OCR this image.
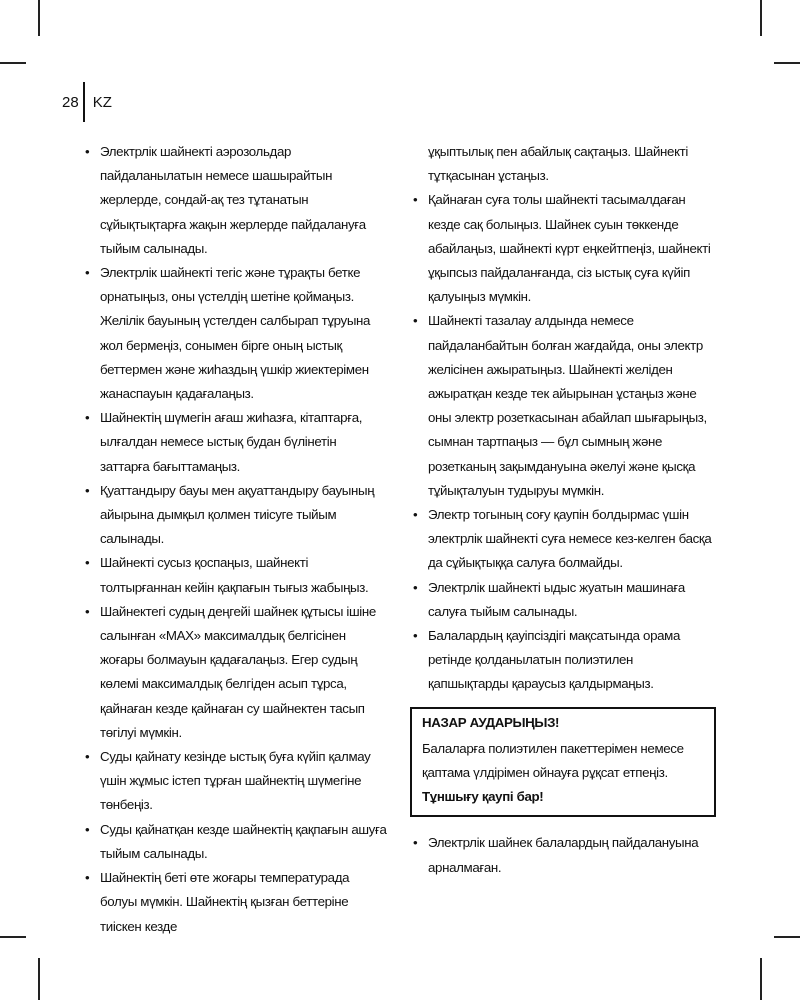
28 KZ

• Электрлік шайнекті аэрозольдар пайдаланылатын немесе шашырайтын жерлерде, сондай-ақ тез тұтанатын сұйықтықтарға жақын жерлерде пайдалануға тыйым салынады.

• Электрлік шайнекті тегіс және тұрақты бетке орнатыңыз, оны үстелдің шетіне қоймаңыз. Желілік бауының үстелден салбырап тұруына жол бермеңіз, сонымен бірге оның ыстық беттермен және жиһаздың үшкір жиектерімен жанаспауын қадағалаңыз.

• Шайнектің шүмегін ағаш жиһазға, кітаптарға, ылғалдан немесе ыстық будан бүлінетін заттарға бағыттамаңыз.

• Қуаттандыру бауы мен ақуаттандыру бауының айырына дымқыл қолмен тиісуге тыйым салынады.

• Шайнекті сусыз қоспаңыз, шайнекті толтырғаннан кейін қақпағын тығыз жабыңыз.

• Шайнектегі судың деңгейі шайнек құтысы ішіне салынған «MAX» максималдық белгісінен жоғары болмауын қадағалаңыз. Егер судың көлемі максималдық белгіден асып тұрса, қайнаған кезде қайнаған су шайнектен тасып төгілуі мүмкін.

• Суды қайнату кезінде ыстық буға күйіп қалмау үшін жұмыс істеп тұрған шайнектің шүмегіне төнбеңіз.

• Суды қайнатқан кезде шайнектің қақпағын ашуға тыйым салынады.

• Шайнектің беті өте жоғары температурада болуы мүмкін. Шайнектің қызған беттеріне тиіскен кезде

ұқыптылық пен абайлық сақтаңыз. Шайнекті тұтқасынан ұстаңыз.

• Қайнаған суға толы шайнекті тасымалдаған кезде сақ болыңыз. Шайнек суын төккенде абайлаңыз, шайнекті күрт еңкейтпеңіз, шайнекті ұқыпсыз пайдаланғанда, сіз ыстық суға күйіп қалуыңыз мүмкін.

• Шайнекті тазалау алдында немесе пайдаланбайтын болған жағдайда, оны электр желісінен ажыратыңыз. Шайнекті желіден ажыратқан кезде тек айырынан ұстаңыз және оны электр розеткасынан абайлап шығарыңыз, сымнан тартпаңыз — бұл сымның және розетканың зақымдануына әкелуі және қысқа тұйықталуын тудыруы мүмкін.

• Электр тогының соғу қаупін болдырмас үшін электрлік шайнекті суға немесе кез-келген басқа да сұйықтыққа салуға болмайды.

• Электрлік шайнекті ыдыс жуатын машинаға салуға тыйым салынады.

• Балалардың қауіпсіздігі мақсатында орама ретінде қолданылатын полиэтилен қапшықтарды қараусыз қалдырмаңыз.

НАЗАР АУДАРЫҢЫЗ!

Балаларға полиэтилен пакеттерімен немесе қаптама үлдірімен ойнауға рұқсат етпеңіз. Тұншығу қаупі бар!

• Электрлік шайнек балалардың пайдалануына арналмаған.
